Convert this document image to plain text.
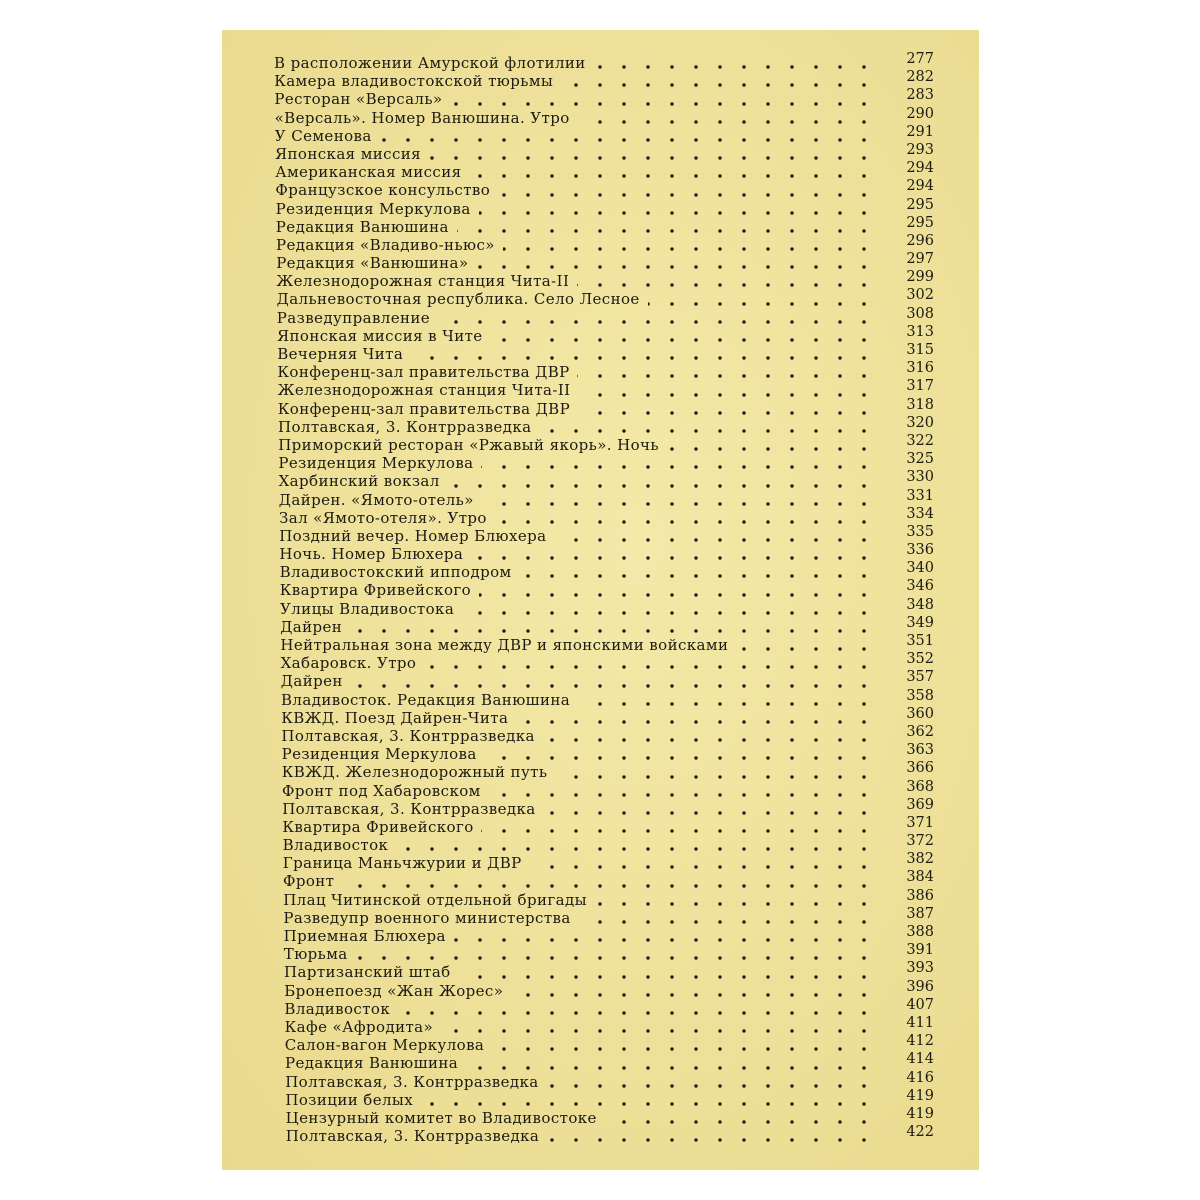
В расположении Амурской флотилии	277
Камера владивостокской тюрьмы	282
Ресторан «Версаль»	283
«Версаль». Номер Ванюшина. Утро	290
У Семенова	291
Японская миссия	293
Американская миссия	294
Французское консульство	294
Резиденция Меркулова	295
Редакция Ванюшина	295
Редакция «Владиво-ньюс»	296
Редакция «Ванюшина»	297
Железнодорожная станция Чита-II	299
Дальневосточная республика. Село Лесное	302
Разведуправление	308
Японская миссия в Чите	313
Вечерняя Чита	315
Конференц-зал правительства ДВР	316
Железнодорожная станция Чита-II	317
Конференц-зал правительства ДВР	318
Полтавская, 3. Контрразведка	320
Приморский ресторан «Ржавый якорь». Ночь	322
Резиденция Меркулова	325
Харбинский вокзал	330
Дайрен. «Ямото-отель»	331
Зал «Ямото-отеля». Утро	334
Поздний вечер. Номер Блюхера	335
Ночь. Номер Блюхера	336
Владивостокский ипподром	340
Квартира Фривейского	346
Улицы Владивостока	348
Дайрен	349
Нейтральная зона между ДВР и японскими войсками	351
Хабаровск. Утро	352
Дайрен	357
Владивосток. Редакция Ванюшина	358
КВЖД. Поезд Дайрен-Чита	360
Полтавская, 3. Контрразведка	362
Резиденция Меркулова	363
КВЖД. Железнодорожный путь	366
Фронт под Хабаровском	368
Полтавская, 3. Контрразведка	369
Квартира Фривейского	371
Владивосток	372
Граница Маньчжурии и ДВР	382
Фронт	384
Плац Читинской отдельной бригады	386
Разведупр военного министерства	387
Приемная Блюхера	388
Тюрьма	391
Партизанский штаб	393
Бронепоезд «Жан Жорес»	396
Владивосток	407
Кафе «Афродита»	411
Салон-вагон Меркулова	412
Редакция Ванюшина	414
Полтавская, 3. Контрразведка	416
Позиции белых	419
Цензурный комитет во Владивостоке	419
Полтавская, 3. Контрразведка	422
